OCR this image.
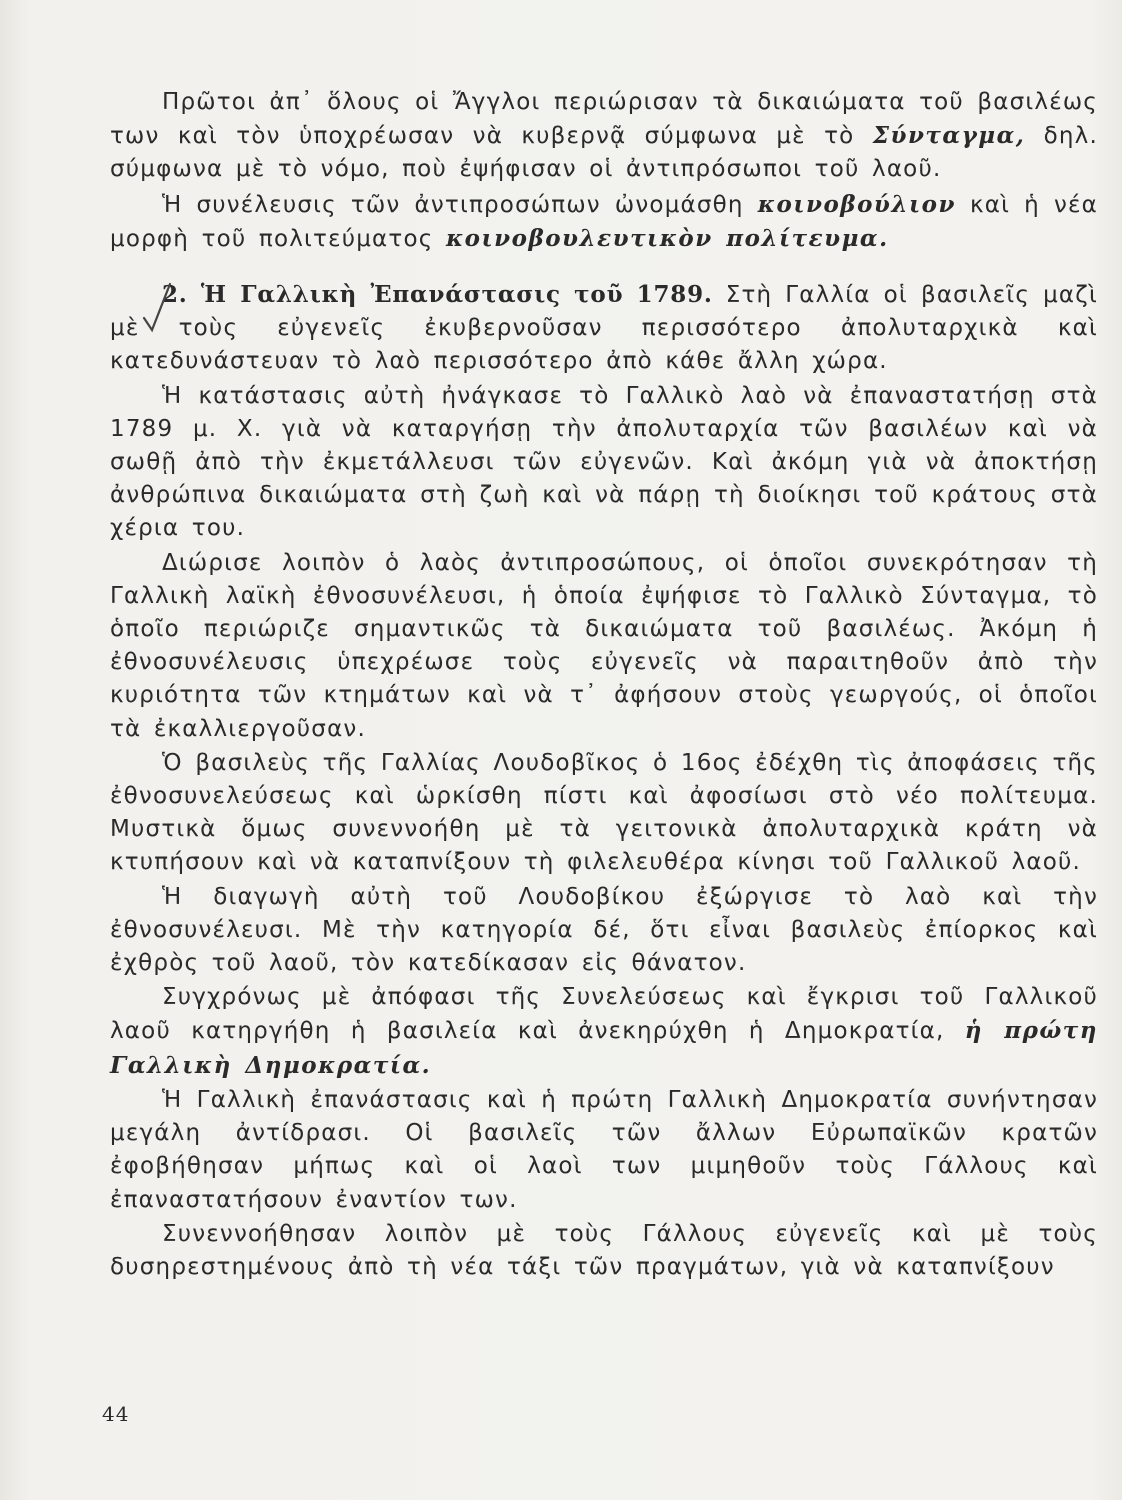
Πρῶτοι ἀπ᾽ ὅλους οἱ Ἄγγλοι περιώρισαν τὰ δικαιώματα τοῦ βασιλέως των καὶ τὸν ὑποχρέωσαν νὰ κυβερνᾷ σύμφωνα μὲ τὸ Σύνταγμα, δηλ. σύμφωνα μὲ τὸ νόμο, ποὺ ἐψήφισαν οἱ ἀντιπρόσωποι τοῦ λαοῦ.

Ἡ συνέλευσις τῶν ἀντιπροσώπων ὠνομάσθη κοινοβούλιον καὶ ἡ νέα μορφὴ τοῦ πολιτεύματος κοινοβουλευτικὸν πολίτευμα.

2. Ἡ Γαλλικὴ Ἐπανάστασις τοῦ 1789. Στὴ Γαλλία οἱ βασιλεῖς μαζὶ μὲ τοὺς εὐγενεῖς ἐκυβερνοῦσαν περισσότερο ἀπολυταρχικὰ καὶ κατεδυνάστευαν τὸ λαὸ περισσότερο ἀπὸ κάθε ἄλλη χώρα.

Ἡ κατάστασις αὐτὴ ἠνάγκασε τὸ Γαλλικὸ λαὸ νὰ ἐπαναστατήσῃ στὰ 1789 μ. Χ. γιὰ νὰ καταργήσῃ τὴν ἀπολυταρχία τῶν βασιλέων καὶ νὰ σωθῇ ἀπὸ τὴν ἐκμετάλλευσι τῶν εὐγενῶν. Καὶ ἀκόμη γιὰ νὰ ἀποκτήσῃ ἀνθρώπινα δικαιώματα στὴ ζωὴ καὶ νὰ πάρῃ τὴ διοίκησι τοῦ κράτους στὰ χέρια του.

Διώρισε λοιπὸν ὁ λαὸς ἀντιπροσώπους, οἱ ὁποῖοι συνεκρότησαν τὴ Γαλλικὴ λαϊκὴ ἐθνοσυνέλευσι, ἡ ὁποία ἐψήφισε τὸ Γαλλικὸ Σύνταγμα, τὸ ὁποῖο περιώριζε σημαντικῶς τὰ δικαιώματα τοῦ βασιλέως. Ἀκόμη ἡ ἐθνοσυνέλευσις ὑπεχρέωσε τοὺς εὐγενεῖς νὰ παραιτηθοῦν ἀπὸ τὴν κυριότητα τῶν κτημάτων καὶ νὰ τ᾽ ἀφήσουν στοὺς γεωργούς, οἱ ὁποῖοι τὰ ἐκαλλιεργοῦσαν.

Ὁ βασιλεὺς τῆς Γαλλίας Λουδοβῖκος ὁ 16ος ἐδέχθη τὶς ἀποφάσεις τῆς ἐθνοσυνελεύσεως καὶ ὡρκίσθη πίστι καὶ ἀφοσίωσι στὸ νέο πολίτευμα. Μυστικὰ ὅμως συνεννοήθη μὲ τὰ γειτονικὰ ἀπολυταρχικὰ κράτη νὰ κτυπήσουν καὶ νὰ καταπνίξουν τὴ φιλελευθέρα κίνησι τοῦ Γαλλικοῦ λαοῦ.

Ἡ διαγωγὴ αὐτὴ τοῦ Λουδοβίκου ἐξώργισε τὸ λαὸ καὶ τὴν ἐθνοσυνέλευσι. Μὲ τὴν κατηγορία δέ, ὅτι εἶναι βασιλεὺς ἐπίορκος καὶ ἐχθρὸς τοῦ λαοῦ, τὸν κατεδίκασαν εἰς θάνατον.

Συγχρόνως μὲ ἀπόφασι τῆς Συνελεύσεως καὶ ἔγκρισι τοῦ Γαλλικοῦ λαοῦ κατηργήθη ἡ βασιλεία καὶ ἀνεκηρύχθη ἡ Δημοκρατία, ἡ πρώτη Γαλλικὴ Δημοκρατία.

Ἡ Γαλλικὴ ἐπανάστασις καὶ ἡ πρώτη Γαλλικὴ Δημοκρατία συνήντησαν μεγάλη ἀντίδρασι. Οἱ βασιλεῖς τῶν ἄλλων Εὐρωπαϊκῶν κρατῶν ἐφοβήθησαν μήπως καὶ οἱ λαοὶ των μιμηθοῦν τοὺς Γάλλους καὶ ἐπαναστατήσουν ἐναντίον των.

Συνεννοήθησαν λοιπὸν μὲ τοὺς Γάλλους εὐγενεῖς καὶ μὲ τοὺς δυσηρεστημένους ἀπὸ τὴ νέα τάξι τῶν πραγμάτων, γιὰ νὰ καταπνίξουν

44
